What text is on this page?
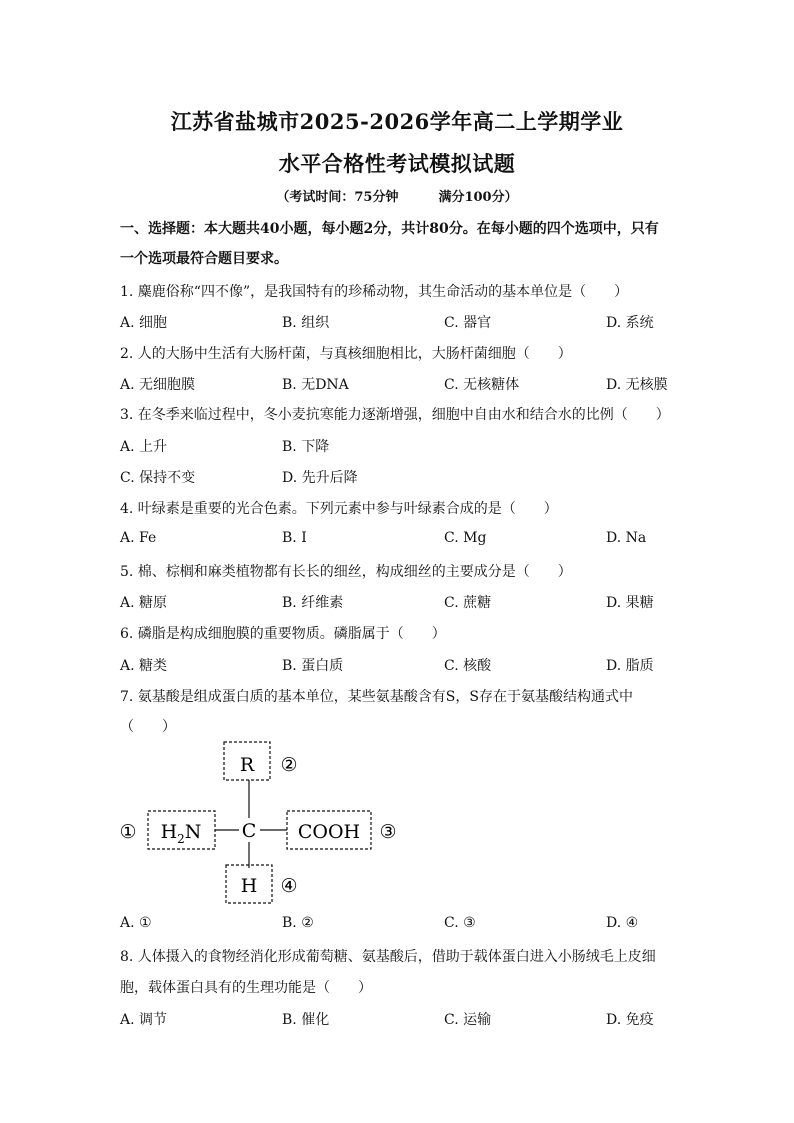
江苏省盐城市2025-2026学年高二上学期学业
水平合格性考试模拟试题
（考试时间：75分钟	满分100分）
一、选择题：本大题共40小题，每小题2分，共计80分。在每小题的四个选项中，只有
一个选项最符合题目要求。
1. 麋鹿俗称“四不像”，是我国特有的珍稀动物，其生命活动的基本单位是（　　）
A. 细胞	B. 组织	C. 器官	D. 系统
2. 人的大肠中生活有大肠杆菌，与真核细胞相比，大肠杆菌细胞（　　）
A. 无细胞膜	B. 无DNA	C. 无核糖体	D. 无核膜
3. 在冬季来临过程中，冬小麦抗寒能力逐渐增强，细胞中自由水和结合水的比例（　　）
A. 上升	B. 下降
C. 保持不变	D. 先升后降
4. 叶绿素是重要的光合色素。下列元素中参与叶绿素合成的是（　　）
A. Fe	B. I	C. Mg	D. Na
5. 棉、棕榈和麻类植物都有长长的细丝，构成细丝的主要成分是（　　）
A. 糖原	B. 纤维素	C. 蔗糖	D. 果糖
6. 磷脂是构成细胞膜的重要物质。磷脂属于（　　）
A. 糖类	B. 蛋白质	C. 核酸	D. 脂质
7. 氨基酸是组成蛋白质的基本单位，某些氨基酸含有S，S存在于氨基酸结构通式中
（　　）
R ②
$H_2N$
①	C COOH ③
H ④
A. ①	B. ②	C. ③	D. ④
8. 人体摄入的食物经消化形成葡萄糖、氨基酸后，借助于载体蛋白进入小肠绒毛上皮细
胞，载体蛋白具有的生理功能是（　　）
A. 调节	B. 催化	C. 运输	D. 免疫
